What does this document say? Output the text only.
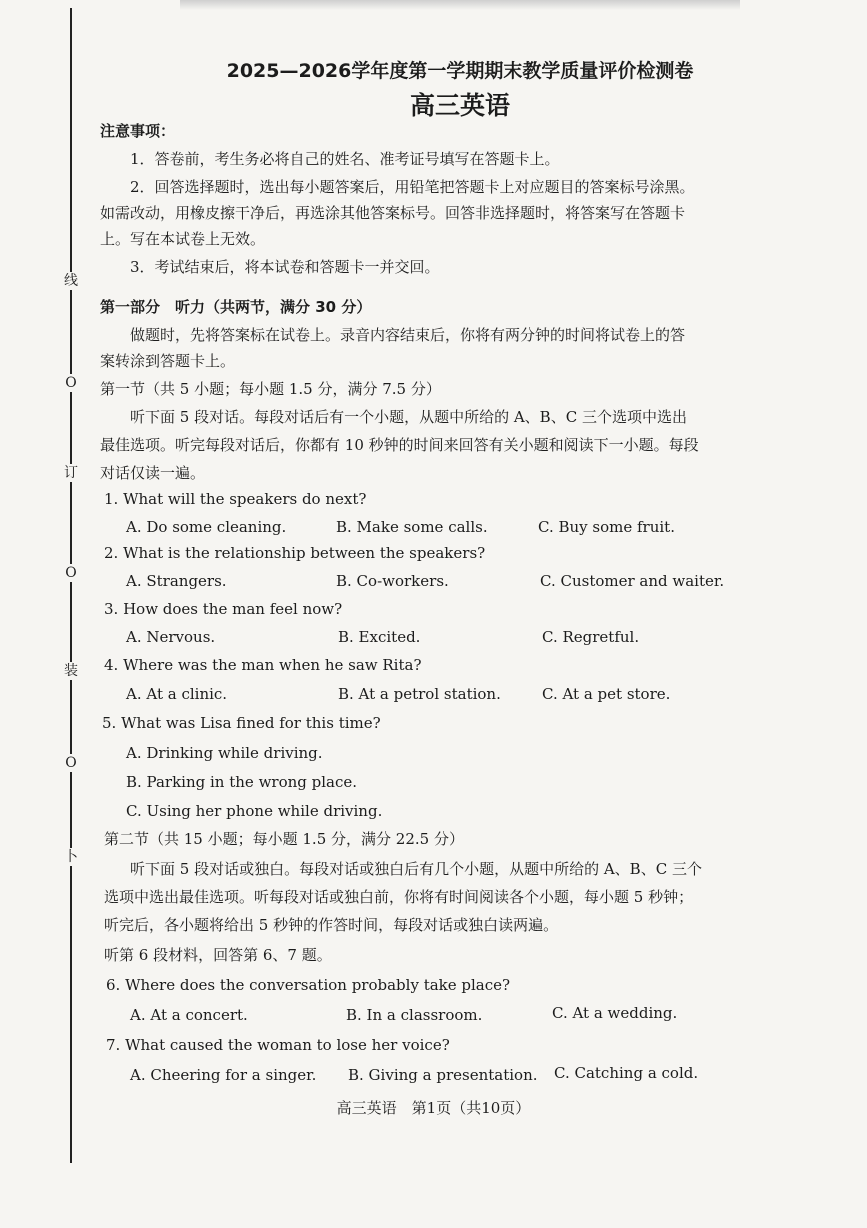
线
O
订
O
装
O
卜
2025—2026学年度第一学期期末教学质量评价检测卷
高三英语
注意事项：
1．答卷前，考生务必将自己的姓名、准考证号填写在答题卡上。
2．回答选择题时，选出每小题答案后，用铅笔把答题卡上对应题目的答案标号涂黑。
如需改动，用橡皮擦干净后，再选涂其他答案标号。回答非选择题时，将答案写在答题卡
上。写在本试卷上无效。
3．考试结束后，将本试卷和答题卡一并交回。
第一部分　听力（共两节，满分 30 分）
做题时，先将答案标在试卷上。录音内容结束后，你将有两分钟的时间将试卷上的答
案转涂到答题卡上。
第一节（共 5 小题；每小题 1.5 分，满分 7.5 分）
听下面 5 段对话。每段对话后有一个小题，从题中所给的 A、B、C 三个选项中选出
最佳选项。听完每段对话后，你都有 10 秒钟的时间来回答有关小题和阅读下一小题。每段
对话仅读一遍。
1. What will the speakers do next?
A. Do some cleaning.	B. Make some calls.	C. Buy some fruit.
2. What is the relationship between the speakers?
A. Strangers.	B. Co-workers.	C. Customer and waiter.
3. How does the man feel now?
A. Nervous.	B. Excited.	C. Regretful.
4. Where was the man when he saw Rita?
A. At a clinic.	B. At a petrol station.	C. At a pet store.
5. What was Lisa fined for this time?
A. Drinking while driving.
B. Parking in the wrong place.
C. Using her phone while driving.
第二节（共 15 小题；每小题 1.5 分，满分 22.5 分）
听下面 5 段对话或独白。每段对话或独白后有几个小题，从题中所给的 A、B、C 三个
选项中选出最佳选项。听每段对话或独白前，你将有时间阅读各个小题，每小题 5 秒钟；
听完后，各小题将给出 5 秒钟的作答时间，每段对话或独白读两遍。
听第 6 段材料，回答第 6、7 题。
6. Where does the conversation probably take place?
A. At a concert.	B. In a classroom.	C. At a wedding.
7. What caused the woman to lose her voice?
A. Cheering for a singer. B. Giving a presentation. C. Catching a cold.
高三英语　第1页（共10页）
